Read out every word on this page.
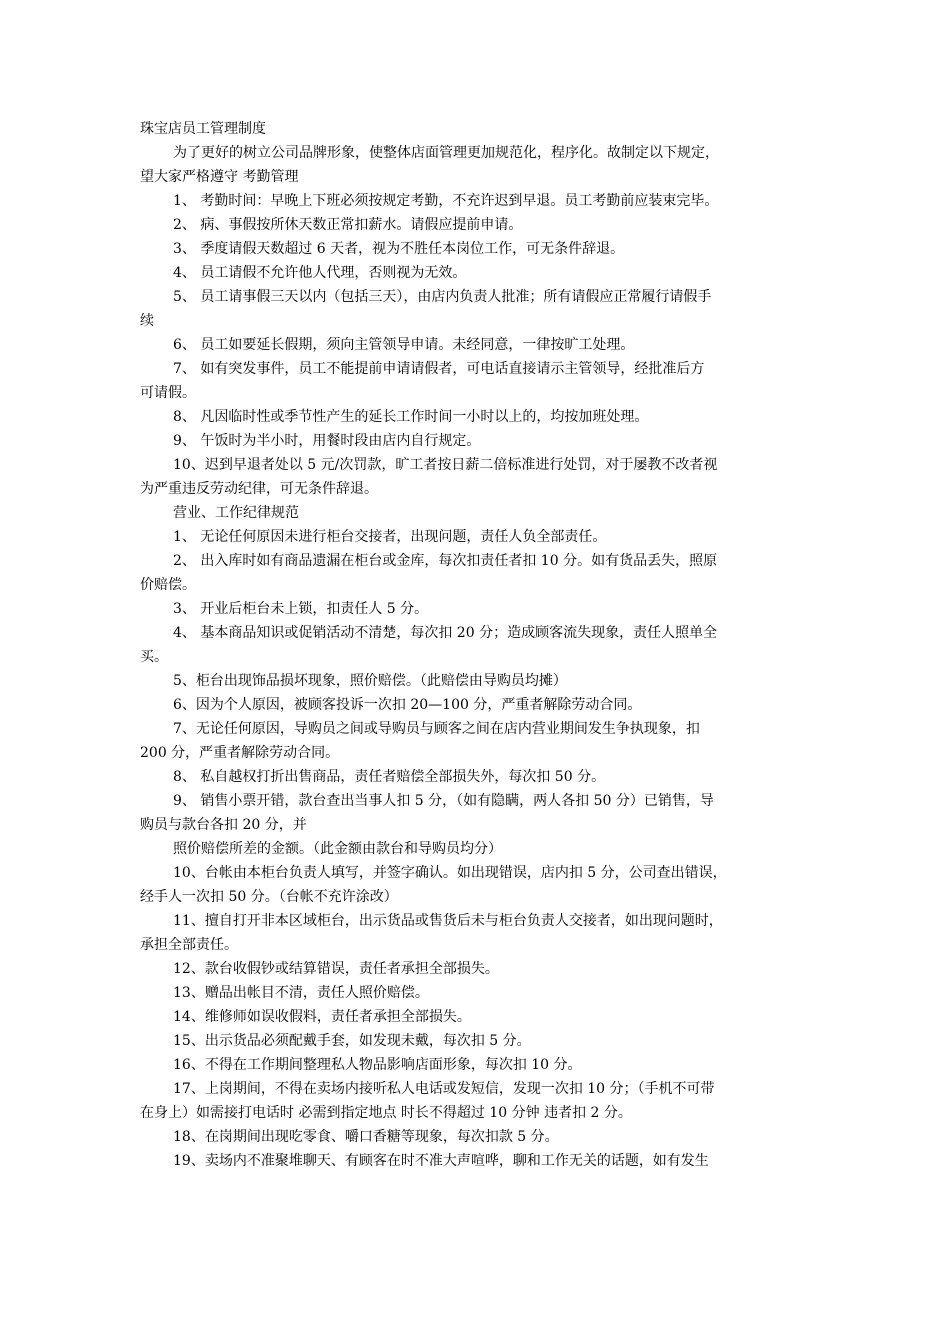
珠宝店员工管理制度

为了更好的树立公司品牌形象，使整体店面管理更加规范化，程序化。故制定以下规定，

望大家严格遵守 考勤管理

1、 考勤时间：早晚上下班必须按规定考勤，不充许迟到早退。员工考勤前应装束完毕。

2、 病、事假按所休天数正常扣薪水。请假应提前申请。

3、 季度请假天数超过 6 天者，视为不胜任本岗位工作，可无条件辞退。

4、 员工请假不允许他人代理，否则视为无效。

5、 员工请事假三天以内（包括三天），由店内负责人批准；所有请假应正常履行请假手

续

6、 员工如要延长假期，须向主管领导申请。未经同意，一律按旷工处理。

7、 如有突发事件，员工不能提前申请请假者，可电话直接请示主管领导，经批准后方

可请假。

8、 凡因临时性或季节性产生的延长工作时间一小时以上的，均按加班处理。

9、 午饭时为半小时，用餐时段由店内自行规定。

10、迟到早退者处以 5 元/次罚款，旷工者按日薪二倍标准进行处罚，对于屡教不改者视

为严重违反劳动纪律，可无条件辞退。

营业、工作纪律规范

1、 无论任何原因未进行柜台交接者，出现问题，责任人负全部责任。

2、 出入库时如有商品遗漏在柜台或金库，每次扣责任者扣 10 分。如有货品丢失，照原

价赔偿。

3、 开业后柜台未上锁，扣责任人 5 分。

4、 基本商品知识或促销活动不清楚，每次扣 20 分；造成顾客流失现象，责任人照单全

买。

5、柜台出现饰品损坏现象，照价赔偿。（此赔偿由导购员均摊）

6、因为个人原因，被顾客投诉一次扣 20—100 分，严重者解除劳动合同。

7、无论任何原因，导购员之间或导购员与顾客之间在店内营业期间发生争执现象，扣

200 分，严重者解除劳动合同。

8、 私自越权打折出售商品，责任者赔偿全部损失外，每次扣 50 分。

9、 销售小票开错，款台查出当事人扣 5 分，（如有隐瞒，两人各扣 50 分）已销售，导

购员与款台各扣 20 分，并

照价赔偿所差的金额。（此金额由款台和导购员均分）

10、台帐由本柜台负责人填写，并签字确认。如出现错误，店内扣 5 分，公司查出错误，

经手人一次扣 50 分。（台帐不充许涂改）

11、擅自打开非本区域柜台，出示货品或售货后未与柜台负责人交接者，如出现问题时，

承担全部责任。

12、款台收假钞或结算错误，责任者承担全部损失。

13、赠品出帐目不清，责任人照价赔偿。

14、维修师如误收假料，责任者承担全部损失。

15、出示货品必须配戴手套，如发现未戴，每次扣 5 分。

16、不得在工作期间整理私人物品影响店面形象，每次扣 10 分。

17、上岗期间，不得在卖场内接听私人电话或发短信，发现一次扣 10 分；（手机不可带

在身上）如需接打电话时 必需到指定地点 时长不得超过 10 分钟 违者扣 2 分。

18、在岗期间出现吃零食、嚼口香糖等现象，每次扣款 5 分。

19、卖场内不准聚堆聊天、有顾客在时不准大声喧哗，聊和工作无关的话题，如有发生
